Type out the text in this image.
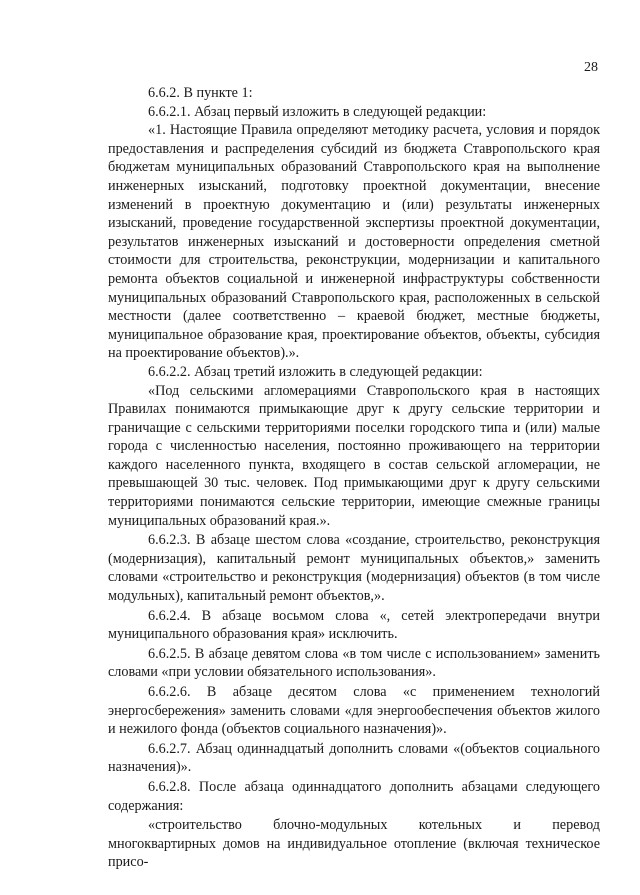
28

6.6.2. В пункте 1:

6.6.2.1. Абзац первый изложить в следующей редакции:

«1. Настоящие Правила определяют методику расчета, условия и порядок предоставления и распределения субсидий из бюджета Ставропольского края бюджетам муниципальных образований Ставропольского края на выполнение инженерных изысканий, подготовку проектной документации, внесение изменений в проектную документацию и (или) результаты инженерных изысканий, проведение государственной экспертизы проектной документации, результатов инженерных изысканий и достоверности определения сметной стоимости для строительства, реконструкции, модернизации и капитального ремонта объектов социальной и инженерной инфраструктуры собственности муниципальных образований Ставропольского края, расположенных в сельской местности (далее соответственно – краевой бюджет, местные бюджеты, муниципальное образование края, проектирование объектов, объекты, субсидия на проектирование объектов).».

6.6.2.2. Абзац третий изложить в следующей редакции:

«Под сельскими агломерациями Ставропольского края в настоящих Правилах понимаются примыкающие друг к другу сельские территории и граничащие с сельскими территориями поселки городского типа и (или) малые города с численностью населения, постоянно проживающего на территории каждого населенного пункта, входящего в состав сельской агломерации, не превышающей 30 тыс. человек. Под примыкающими друг к другу сельскими территориями понимаются сельские территории, имеющие смежные границы муниципальных образований края.».

6.6.2.3. В абзаце шестом слова «создание, строительство, реконструкция (модернизация), капитальный ремонт муниципальных объектов,» заменить словами «строительство и реконструкция (модернизация) объектов (в том числе модульных), капитальный ремонт объектов,».

6.6.2.4. В абзаце восьмом слова «, сетей электропередачи внутри муниципального образования края» исключить.

6.6.2.5. В абзаце девятом слова «в том числе с использованием» заменить словами «при условии обязательного использования».

6.6.2.6. В абзаце десятом слова «с применением технологий энергосбережения» заменить словами «для энергообеспечения объектов жилого и нежилого фонда (объектов социального назначения)».

6.6.2.7. Абзац одиннадцатый дополнить словами «(объектов социального назначения)».

6.6.2.8. После абзаца одиннадцатого дополнить абзацами следующего содержания:

«строительство блочно-модульных котельных и перевод многоквартирных домов на индивидуальное отопление (включая техническое присо-
